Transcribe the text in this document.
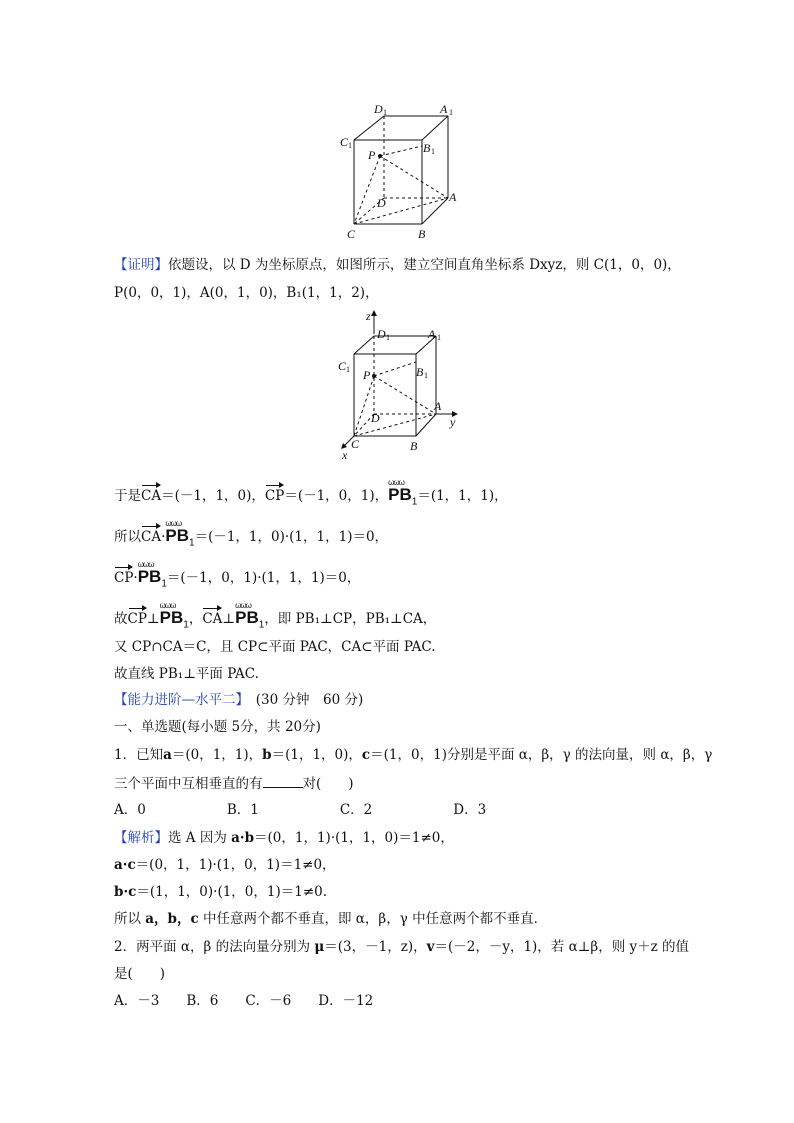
D 1	A 1
C 1	B 1
P
D	A
C	B
【证明】依题设，以 D 为坐标原点，如图所示，建立空间直角坐标系 Dxyz，则 C(1，0，0)，
P(0，0，1)，A(0，1，0)，B₁(1，1，2)，
z
y
x
D 1	A 1
C 1	B 1
P
D
A
C	B
于是CA＝(－1，1，0)，CP＝(－1，0，1)，
ωωω
$PB_1=(1$，1，1)，
所以CA·
ωωω
$PB_1=(-1$，1，0)·(1，1，1)＝0，
CP·
ωωω
$PB_1=(-1$，0，1)·(1，1，1)＝0，
故CP⊥
ωωω
$PB_1$，CA⊥
ωωω
$PB_1$，即 PB₁⊥CP，PB₁⊥CA，
又 CP∩CA＝C，且 CP⊂平面 PAC，CA⊂平面 PAC.
故直线 PB₁⊥平面 PAC.
【能力进阶—水平二】　(30 分钟　60 分)
一、单选题(每小题 5分，共 20分)
1．已知a＝(0，1，1)，b＝(1，1，0)，c＝(1，0，1)分别是平面 α，β，γ 的法向量，则 α，β，γ
三个平面中互相垂直的有	对(　　)
A．0　　　　　　B．1　　　　　　C．2　　　　　　D．3
【解析】选 A 因为 a·b＝(0，1，1)·(1，1，0)＝1≠0，
a·c＝(0，1，1)·(1，0，1)＝1≠0，
b·c＝(1，1，0)·(1，0，1)＝1≠0.
所以 a，b，c 中任意两个都不垂直，即 α，β，γ 中任意两个都不垂直．
2．两平面 α，β 的法向量分别为 μ＝(3，－1，z)，v＝(－2，－y，1)，若 α⊥β，则 y＋z 的值
是(　　)
A．－3　　B．6　　C．－6　　D．－12
